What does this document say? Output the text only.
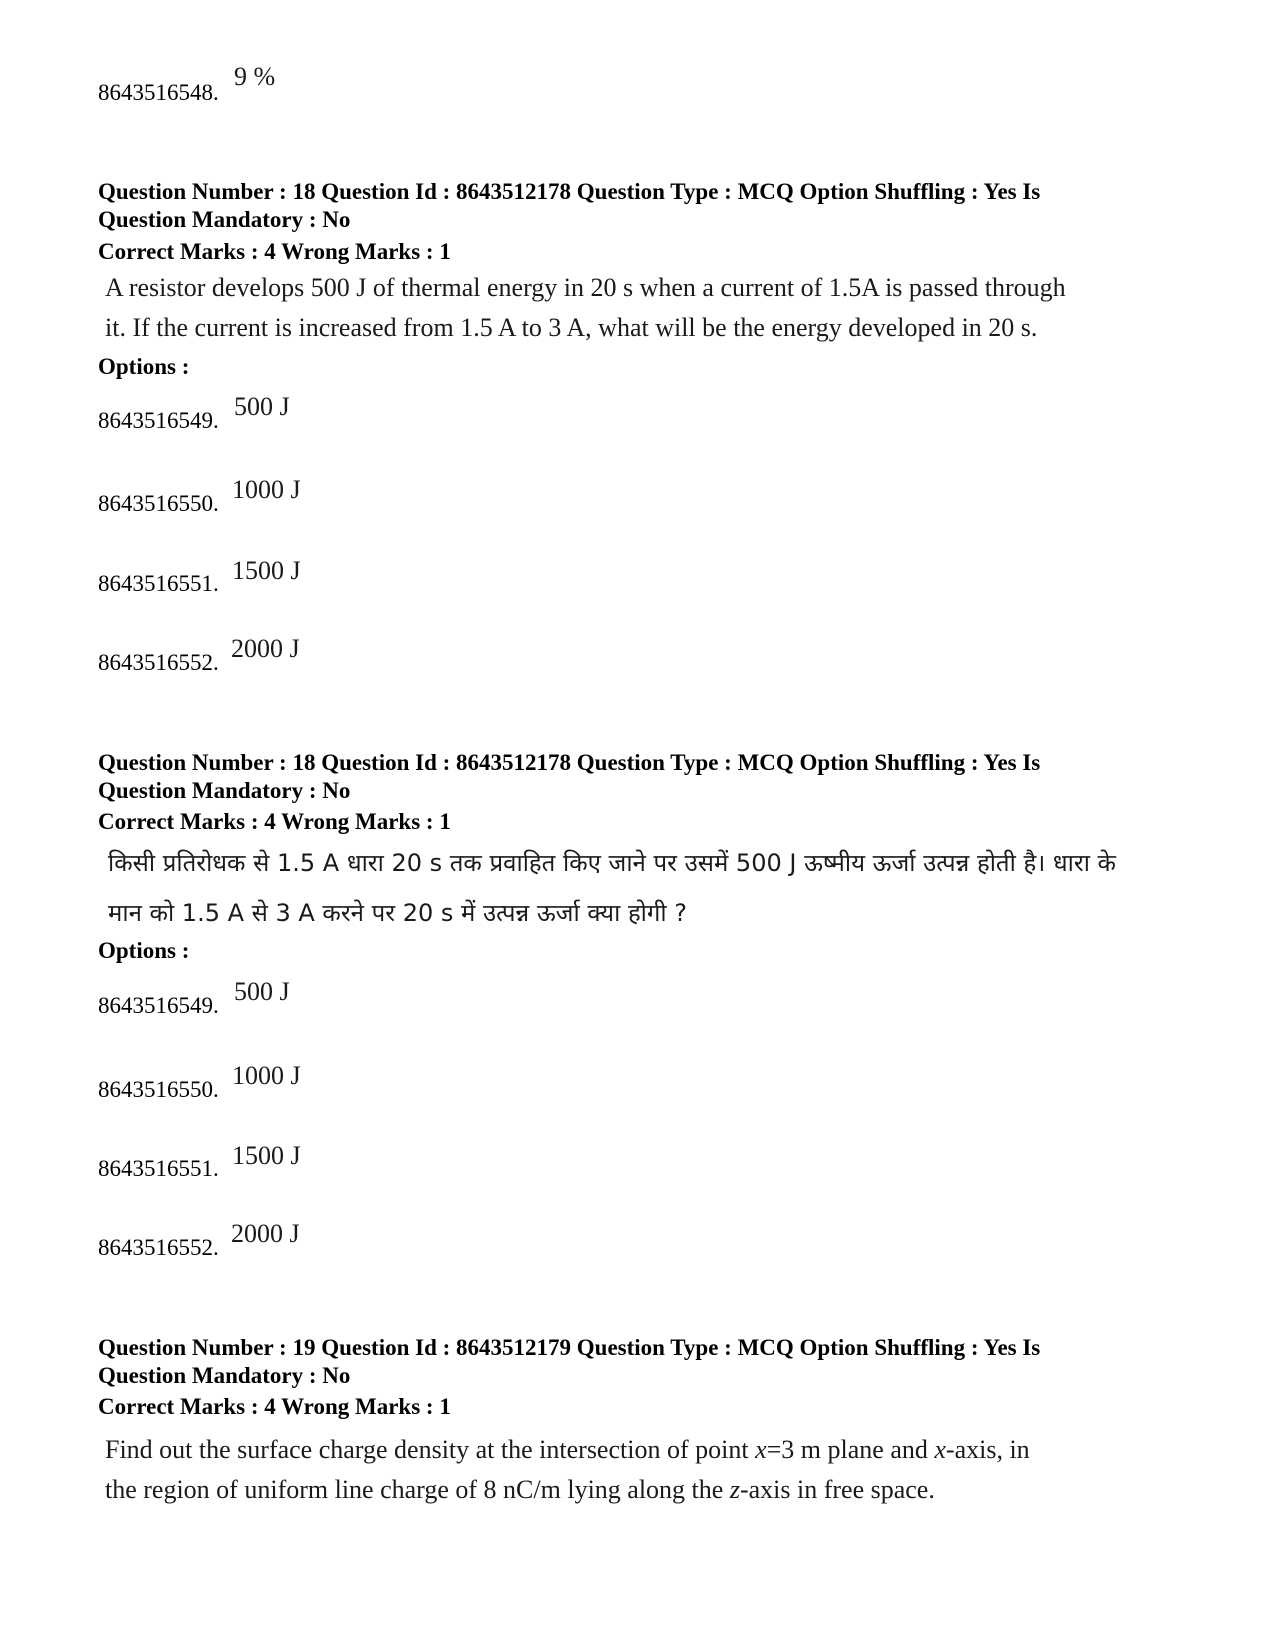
8643516548.
9 %
Question Number : 18 Question Id : 8643512178 Question Type : MCQ Option Shuffling : Yes Is
Question Mandatory : No
Correct Marks : 4 Wrong Marks : 1
A resistor develops 500 J of thermal energy in 20 s when a current of 1.5A is passed through
it. If the current is increased from 1.5 A to 3 A, what will be the energy developed in 20 s.
Options :
8643516549. 500 J
8643516550. 1000 J
8643516551. 1500 J
8643516552. 2000 J
Question Number : 18 Question Id : 8643512178 Question Type : MCQ Option Shuffling : Yes Is
Question Mandatory : No
Correct Marks : 4 Wrong Marks : 1
किसी प्रतिरोधक से 1.5 A धारा 20 s तक प्रवाहित किए जाने पर उसमें 500 J ऊष्मीय ऊर्जा उत्पन्न होती है। धारा के
मान को 1.5 A से 3 A करने पर 20 s में उत्पन्न ऊर्जा क्या होगी ?
Options :
8643516549. 500 J
8643516550. 1000 J
8643516551. 1500 J
8643516552. 2000 J
Question Number : 19 Question Id : 8643512179 Question Type : MCQ Option Shuffling : Yes Is
Question Mandatory : No
Correct Marks : 4 Wrong Marks : 1
Find out the surface charge density at the intersection of point x=3 m plane and x-axis, in
the region of uniform line charge of 8 nC/m lying along the z-axis in free space.
